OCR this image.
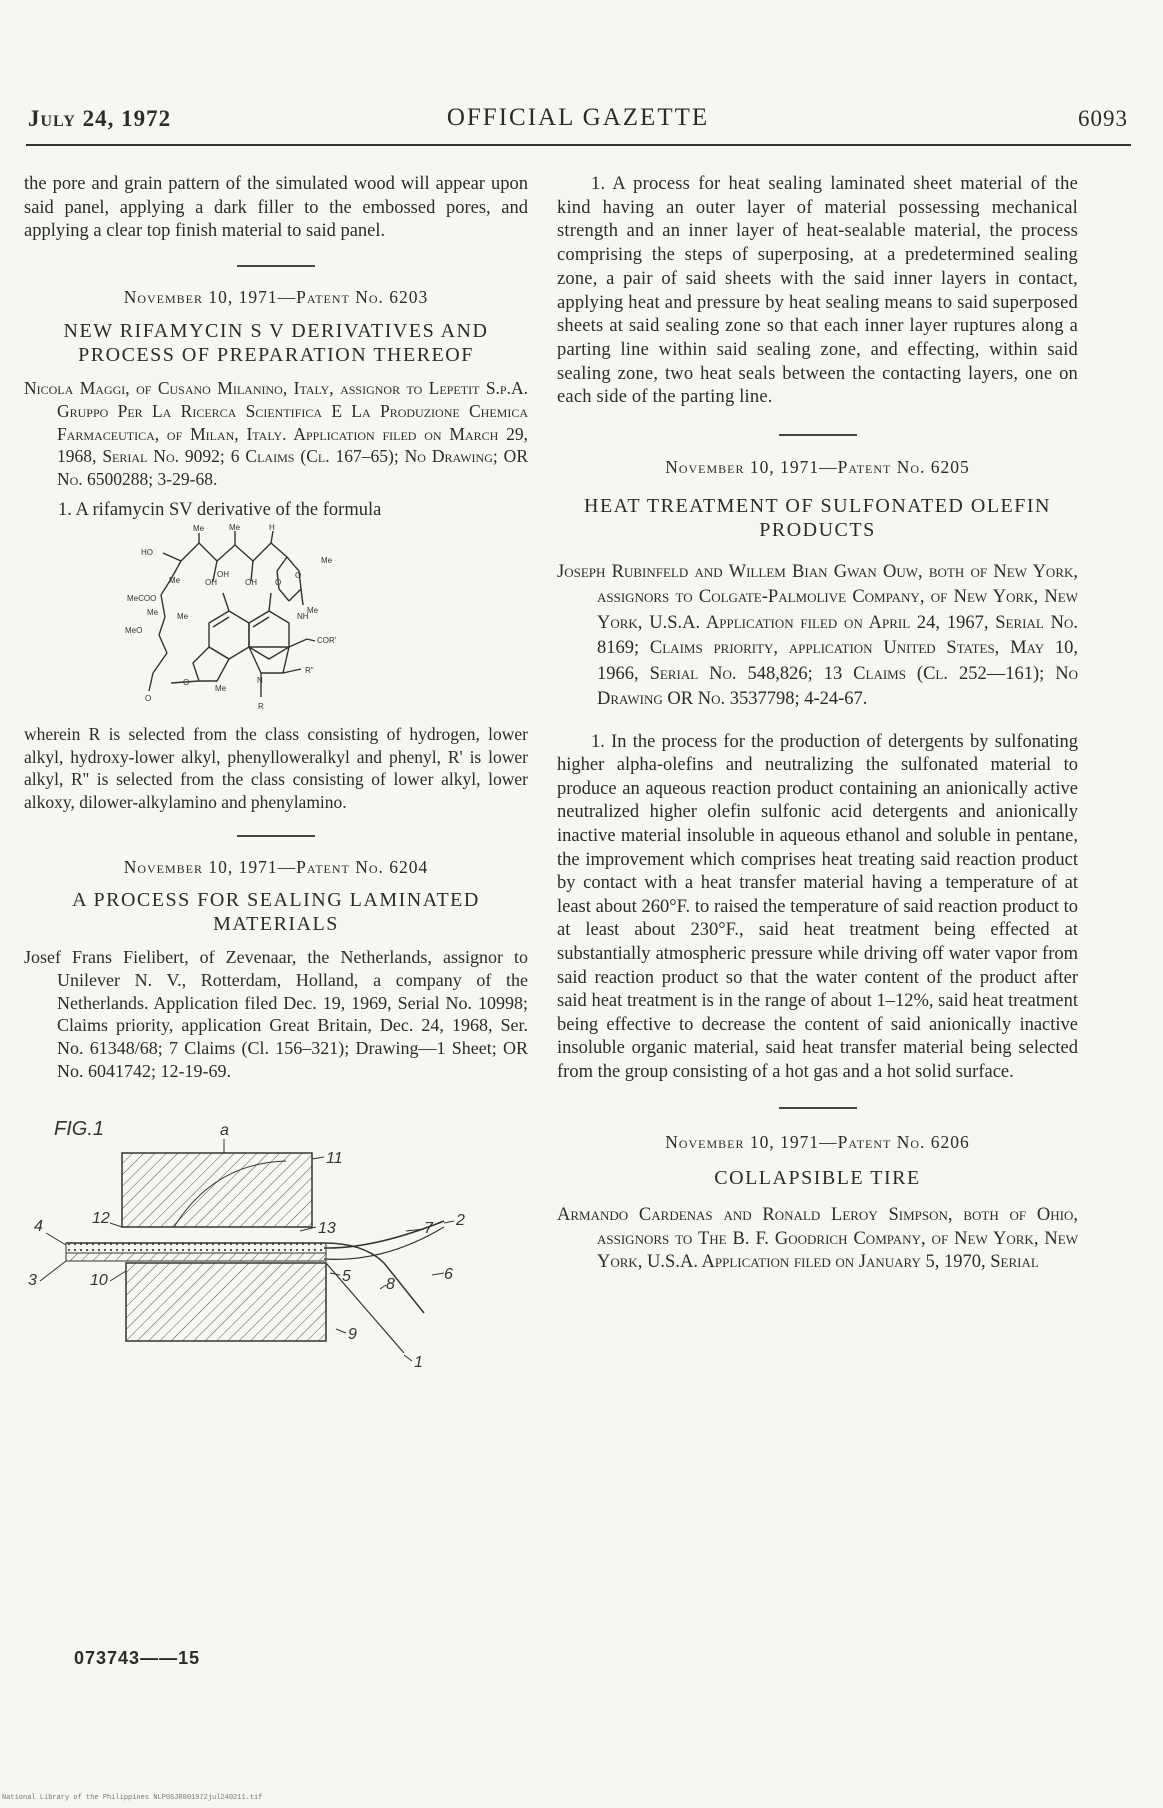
July 24, 1972	OFFICIAL GAZETTE	6093

the pore and grain pattern of the simulated wood will appear upon said panel, applying a dark filler to the embossed pores, and applying a clear top finish material to said panel.

November 10, 1971—Patent No. 6203
NEW RIFAMYCIN S V DERIVATIVES AND PROCESS OF PREPARATION THEREOF

Nicola Maggi, of Cusano Milanino, Italy, assignor to Lepetit S.p.A. Gruppo Per La Ricerca Scientifica E La Produzione Chemica Farmaceutica, of Milan, Italy. Application filed on March 29, 1968, Serial No. 9092; 6 Claims (Cl. 167–65); No Drawing; OR No. 6500288; 3-29-68.

1. A rifamycin SV derivative of the formula

HO
Me	Me
Me
H
Me
OH
OH
OH
O
Me
MeCOO
Me Me
MeO
NH
O
O
Me
O
COR'
N
R''
R

wherein R is selected from the class consisting of hydrogen, lower alkyl, hydroxy-lower alkyl, phenylloweralkyl and phenyl, R' is lower alkyl, R'' is selected from the class consisting of lower alkyl, lower alkoxy, dilower-alkylamino and phenylamino.

November 10, 1971—Patent No. 6204
A PROCESS FOR SEALING LAMINATED MATERIALS

Josef Frans Fielibert, of Zevenaar, the Netherlands, assignor to Unilever N. V., Rotterdam, Holland, a company of the Netherlands. Application filed Dec. 19, 1969, Serial No. 10998; Claims priority, application Great Britain, Dec. 24, 1968, Ser. No. 61348/68; 7 Claims (Cl. 156–321); Drawing—1 Sheet; OR No. 6041742; 12-19-69.

FIG.1	a
11
12
13
4	7 2
3	10	5 8
6
9
1
073743——15

1. A process for heat sealing laminated sheet material of the kind having an outer layer of material possessing mechanical strength and an inner layer of heat-sealable material, the process comprising the steps of superposing, at a predetermined sealing zone, a pair of said sheets with the said inner layers in contact, applying heat and pressure by heat sealing means to said superposed sheets at said sealing zone so that each inner layer ruptures along a parting line within said sealing zone, and effecting, within said sealing zone, two heat seals between the contacting layers, one on each side of the parting line.

November 10, 1971—Patent No. 6205
HEAT TREATMENT OF SULFONATED OLEFIN PRODUCTS

Joseph Rubinfeld and Willem Bian Gwan Ouw, both of New York, assignors to Colgate-Palmolive Company, of New York, New York, U.S.A. Application filed on April 24, 1967, Serial No. 8169; Claims priority, application United States, May 10, 1966, Serial No. 548,826; 13 Claims (Cl. 252—161); No Drawing OR No. 3537798; 4-24-67.

1. In the process for the production of detergents by sulfonating higher alpha-olefins and neutralizing the sulfonated material to produce an aqueous reaction product containing an anionically active neutralized higher olefin sulfonic acid detergents and anionically inactive material insoluble in aqueous ethanol and soluble in pentane, the improvement which comprises heat treating said reaction product by contact with a heat transfer material having a temperature of at least about 260°F. to raised the temperature of said reaction product to at least about 230°F., said heat treatment being effected at substantially atmospheric pressure while driving off water vapor from said reaction product so that the water content of the product after said heat treatment is in the range of about 1–12%, said heat treatment being effective to decrease the content of said anionically inactive insoluble organic material, said heat transfer material being selected from the group consisting of a hot gas and a hot solid surface.

November 10, 1971—Patent No. 6206
COLLAPSIBLE TIRE

Armando Cardenas and Ronald Leroy Simpson, both of Ohio, assignors to The B. F. Goodrich Company, of New York, New York, U.S.A. Application filed on January 5, 1970, Serial

National Library of the Philippines NLP0SJR001972jul240211.tif
